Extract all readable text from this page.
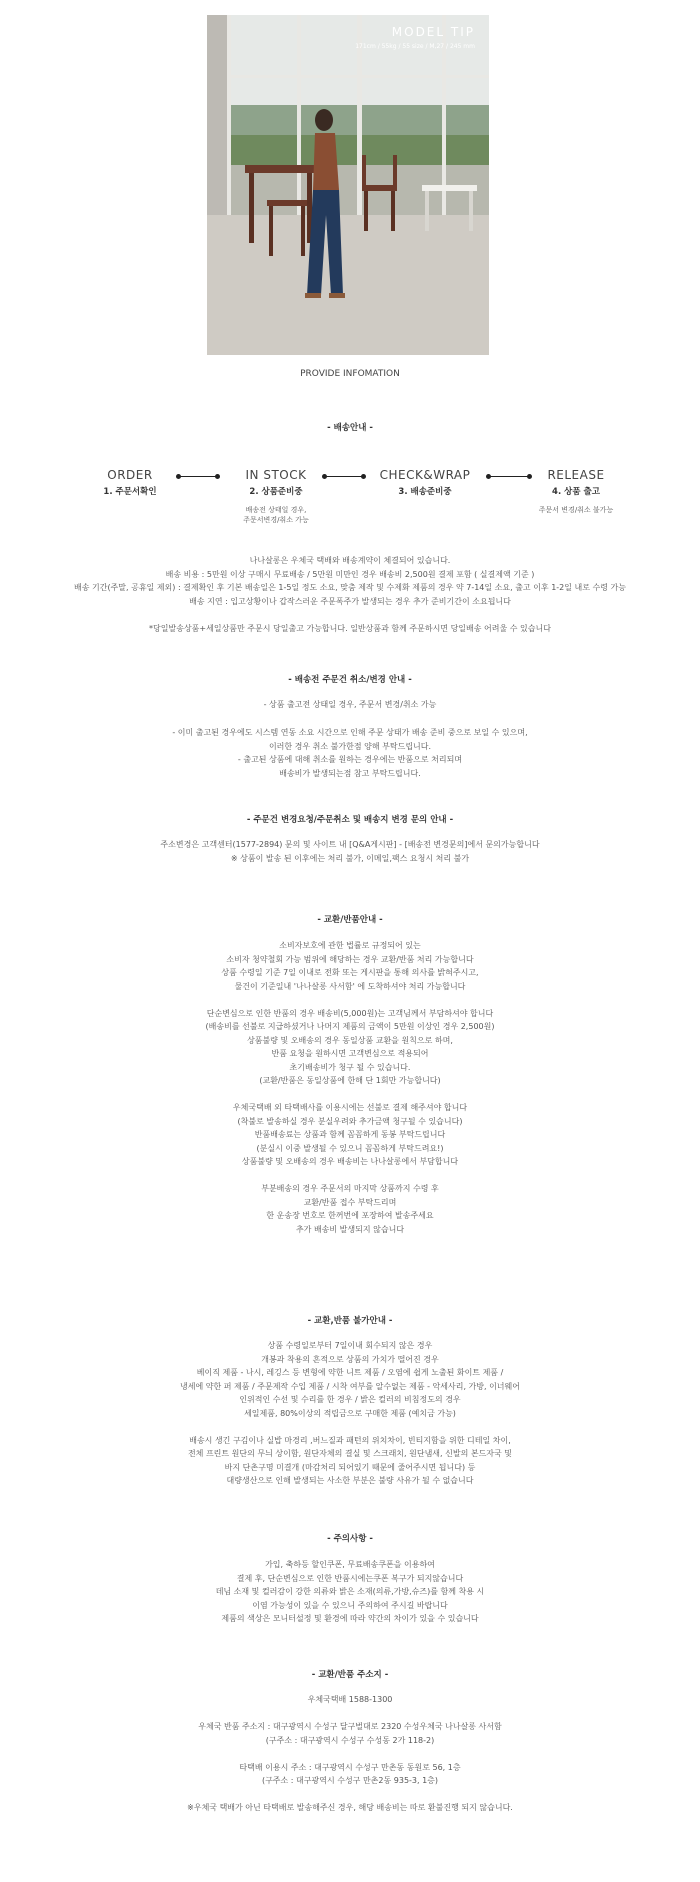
MODEL TIP
171cm / 55kg / 55 size / M,27 / 245 mm
PROVIDE INFOMATION
- 배송안내 -
ORDER
1. 주문서확인
IN STOCK
2. 상품준비중
배송전 상태일 경우,
주문서변경/취소 가능
CHECK&WRAP
3. 배송준비중
RELEASE
4. 상품 출고
주문서 변경/취소 불가능

나나살롱은 우체국 택배와 배송계약이 체결되어 있습니다.

배송 비용 : 5만원 이상 구매시 무료배송 / 5만원 미만인 경우 배송비 2,500원 결제 포함 ( 실결제액 기준 )

배송 기간(주말, 공휴일 제외) : 결제확인 후 기본 배송일은 1-5일 정도 소요, 맞춤 제작 및 수제화 제품의 경우 약 7-14일 소요, 출고 이후 1-2일 내로 수령 가능

배송 지연 : 입고상황이나 갑작스러운 주문폭주가 발생되는 경우 추가 준비기간이 소요됩니다

*당일발송상품+세일상품만 주문시 당일출고 가능합니다. 일반상품과 함께 주문하시면 당일배송 어려울 수 있습니다

- 배송전 주문건 취소/변경 안내 -
- 상품 출고전 상태일 경우, 주문서 변경/취소 가능

- 이미 출고된 경우에도 시스템 연동 소요 시간으로 인해 주문 상태가 배송 준비 중으로 보일 수 있으며,

이러한 경우 취소 불가한점 양해 부탁드립니다.

- 출고된 상품에 대해 취소를 원하는 경우에는 반품으로 처리되며

배송비가 발생되는점 참고 부탁드립니다.

- 주문건 변경요청/주문취소 및 배송지 변경 문의 안내 -

주소변경은 고객센터(1577-2894) 문의 및 사이트 내 [Q&A게시판] - [배송전 변경문의]에서 문의가능합니다

※ 상품이 발송 된 이후에는 처리 불가, 이메일,팩스 요청시 처리 불가

- 교환/반품안내 -

소비자보호에 관한 법률로 규정되어 있는

소비자 청약철회 가능 범위에 해당하는 경우 교환/반품 처리 가능합니다

상품 수령일 기준 7일 이내로 전화 또는 게시판을 통해 의사를 밝혀주시고,

물건이 기준일내 '나나살롱 사서함' 에 도착하셔야 처리 가능합니다

단순변심으로 인한 반품의 경우 배송비(5,000원)는 고객님께서 부담하셔야 합니다

(배송비를 선불로 지급하셨거나 나머지 제품의 금액이 5만원 이상인 경우 2,500원)

상품불량 및 오배송의 경우 동일상품 교환을 원칙으로 하며,

반품 요청을 원하시면 고객변심으로 적용되어

초기배송비가 청구 될 수 있습니다.

(교환/반품은 동일상품에 한해 단 1회만 가능합니다)

우체국택배 외 타택배사를 이용시에는 선불로 결제 해주셔야 합니다

(착불로 발송하실 경우 분실우려와 추가금액 청구될 수 있습니다)

반품배송료는 상품과 함께 꼼꼼하게 동봉 부탁드립니다

(분실시 이중 발생될 수 있으니 꼼꼼하게 부탁드려요!)

상품불량 및 오배송의 경우 배송비는 나나살롱에서 부담합니다

부분배송의 경우 주문서의 마지막 상품까지 수령 후

교환/반품 접수 부탁드리며

한 운송장 번호로 한꺼번에 포장하여 발송주세요

추가 배송비 발생되지 않습니다

- 교환,반품 불가안내 -

상품 수령일로부터 7일이내 회수되지 않은 경우

개봉과 착용의 흔적으로 상품의 가치가 떨어진 경우

베이직 제품 - 나시, 레깅스 등 변형에 약한 니트 제품 / 오염에 쉽게 노출된 화이트 제품 /

냉세에 약한 퍼 제품 / 주문제작 수입 제품 / 시착 여부를 알수없는 제품 - 악세사리, 가방, 이너웨어

인위적인 수선 및 수리를 한 경우 / 밝은 컬러의 비침정도의 경우

세일제품, 80%이상의 적립금으로 구매한 제품 (예치금 가능)

배송시 생긴 구김이나 실밥 마경리 ,버느질과 패턴의 위치차이, 빈티지함을 위한 디테일 차이,

전체 프린트 원단의 무늬 상이함, 원단자체의 결실 및 스크래치, 원단냄새, 신발의 본드자국 및

바지 단촌구명 미결개 (마감처리 되어있기 때문에 줄어주시면 됩니다) 등

대량생산으로 인해 발생되는 사소한 부분은 불량 사유가 될 수 없습니다

- 주의사항 -

가입, 축하등 할인쿠폰, 무료배송쿠폰을 이용하여

결제 후, 단순변심으로 인한 반품시에는쿠폰 복구가 되지않습니다

데님 소재 및 컬러감이 강한 의류와 밝은 소재(의류,가방,슈즈)를 함께 착용 시

이염 가능성이 있을 수 있으니 주의하여 주시길 바랍니다

제품의 색상은 모니터설정 및 환경에 따라 약간의 차이가 있을 수 있습니다

- 교환/반품 주소지 -

우체국택배 1588-1300

우체국 반품 주소지 : 대구광역시 수성구 달구벌대로 2320 수성우체국 나나살롱 사서함

(구주소 : 대구광역시 수성구 수성동 2가 118-2)

타택배 이용시 주소 : 대구광역시 수성구 만촌동 동원로 56, 1층

(구주소 : 대구광역시 수성구 만촌2동 935-3, 1층)

※우체국 택배가 아닌 타택배로 발송해주신 경우, 해당 배송비는 따로 환불진행 되지 않습니다.
